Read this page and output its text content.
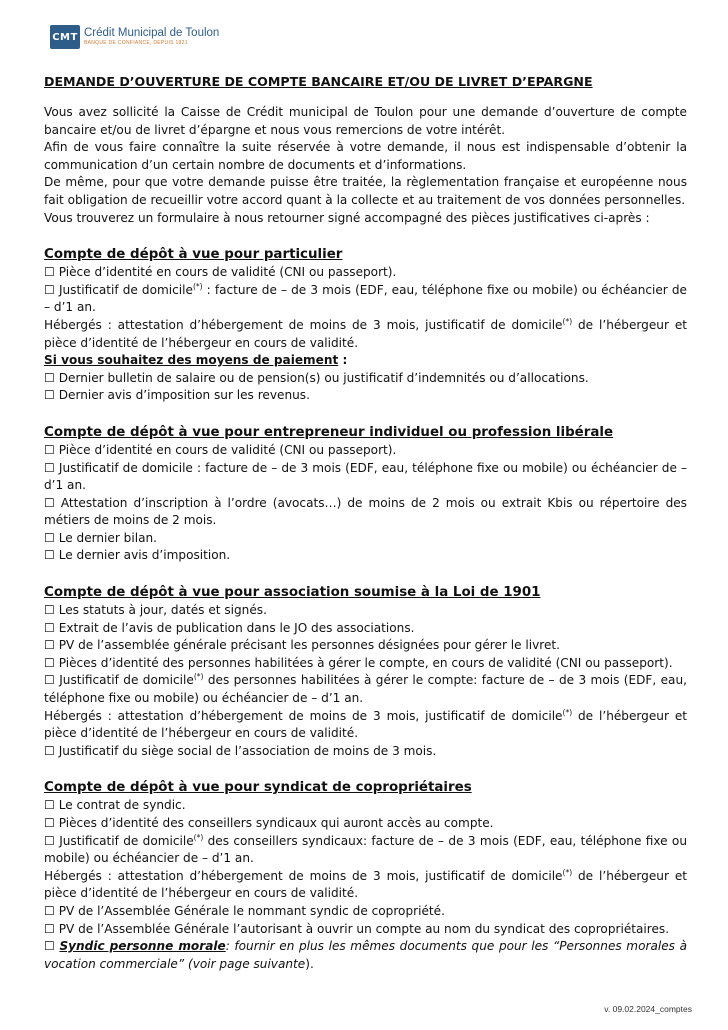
CMT Crédit Municipal de Toulon
BANQUE DE CONFIANCE, DEPUIS 1821

DEMANDE D’OUVERTURE DE COMPTE BANCAIRE ET/OU DE LIVRET D’EPARGNE

Vous avez sollicité la Caisse de Crédit municipal de Toulon pour une demande d’ouverture de compte bancaire et/ou de livret d’épargne et nous vous remercions de votre intérêt.

Afin de vous faire connaître la suite réservée à votre demande, il nous est indispensable d’obtenir la communication d’un certain nombre de documents et d’informations.

De même, pour que votre demande puisse être traitée, la règlementation française et européenne nous fait obligation de recueillir votre accord quant à la collecte et au traitement de vos données personnelles.

Vous trouverez un formulaire à nous retourner signé accompagné des pièces justificatives ci-après :

Compte de dépôt à vue pour particulier

☐ Pièce d’identité en cours de validité (CNI ou passeport).

☐ Justificatif de domicile(*) : facture de – de 3 mois (EDF, eau, téléphone fixe ou mobile) ou échéancier de – d’1 an.

Hébergés : attestation d’hébergement de moins de 3 mois, justificatif de domicile(*) de l’hébergeur et pièce d’identité de l’hébergeur en cours de validité.

Si vous souhaitez des moyens de paiement :

☐ Dernier bulletin de salaire ou de pension(s) ou justificatif d’indemnités ou d’allocations.

☐ Dernier avis d’imposition sur les revenus.

Compte de dépôt à vue pour entrepreneur individuel ou profession libérale

☐ Pièce d’identité en cours de validité (CNI ou passeport).

☐ Justificatif de domicile : facture de – de 3 mois (EDF, eau, téléphone fixe ou mobile) ou échéancier de – d’1 an.

☐ Attestation d’inscription à l’ordre (avocats…) de moins de 2 mois ou extrait Kbis ou répertoire des métiers de moins de 2 mois.

☐ Le dernier bilan.

☐ Le dernier avis d’imposition.

Compte de dépôt à vue pour association soumise à la Loi de 1901

☐ Les statuts à jour, datés et signés.

☐ Extrait de l’avis de publication dans le JO des associations.

☐ PV de l’assemblée générale précisant les personnes désignées pour gérer le livret.

☐ Pièces d’identité des personnes habilitées à gérer le compte, en cours de validité (CNI ou passeport).

☐ Justificatif de domicile(*) des personnes habilitées à gérer le compte: facture de – de 3 mois (EDF, eau, téléphone fixe ou mobile) ou échéancier de – d’1 an.

Hébergés : attestation d’hébergement de moins de 3 mois, justificatif de domicile(*) de l’hébergeur et pièce d’identité de l’hébergeur en cours de validité.

☐ Justificatif du siège social de l’association de moins de 3 mois.

Compte de dépôt à vue pour syndicat de copropriétaires

☐ Le contrat de syndic.

☐ Pièces d’identité des conseillers syndicaux qui auront accès au compte.

☐ Justificatif de domicile(*) des conseillers syndicaux: facture de – de 3 mois (EDF, eau, téléphone fixe ou mobile) ou échéancier de – d’1 an.

Hébergés : attestation d’hébergement de moins de 3 mois, justificatif de domicile(*) de l’hébergeur et pièce d’identité de l’hébergeur en cours de validité.

☐ PV de l’Assemblée Générale le nommant syndic de copropriété.

☐ PV de l’Assemblée Générale l’autorisant à ouvrir un compte au nom du syndicat des copropriétaires.

☐ Syndic personne morale: fournir en plus les mêmes documents que pour les “Personnes morales à vocation commerciale” (voir page suivante).

v. 09.02.2024_comptes
